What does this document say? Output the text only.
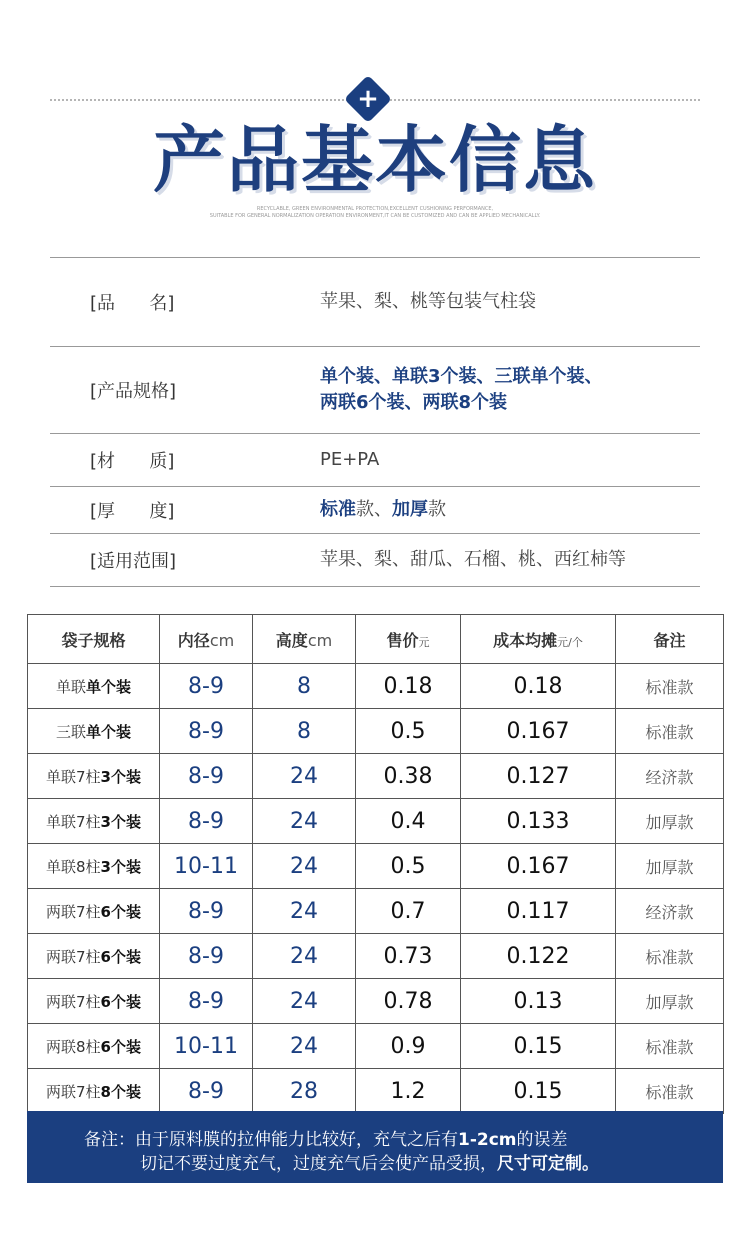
+
产品基本信息
RECYCLABLE, GREEN ENVIRONMENTAL PROTECTION,EXCELLENT CUSHIONING PERFORMANCE,
SUITABLE FOR GENERAL NORMALIZATION OPERATION ENVIRONMENT,IT CAN BE CUSTOMIZED AND CAN BE APPLIED MECHANICALLY.
[品      名]	苹果、梨、桃等包装气柱袋
[产品规格]
单个装、单联3个装、三联单个装、
两联6个装、两联8个装
[材      质]	PE+PA
[厚      度]	标准款、加厚款
[适用范围]	苹果、梨、甜瓜、石榴、桃、西红柿等
袋子规格	内径cm	高度cm	售价元	成本均摊元/个	备注
单联单个装	8-9	8	0.18	0.18	标准款
三联单个装	8-9	8	0.5	0.167	标准款
单联7柱3个装	8-9	24	0.38	0.127	经济款
单联7柱3个装	8-9	24	0.4	0.133	加厚款
单联8柱3个装	10-11	24	0.5	0.167	加厚款
两联7柱6个装	8-9	24	0.7	0.117	经济款
两联7柱6个装	8-9	24	0.73	0.122	标准款
两联7柱6个装	8-9	24	0.78	0.13	加厚款
两联8柱6个装	10-11	24	0.9	0.15	标准款
两联7柱8个装	8-9	28	1.2	0.15	标准款
备注：由于原料膜的拉伸能力比较好，充气之后有1-2cm的误差
切记不要过度充气，过度充气后会使产品受损，尺寸可定制。
